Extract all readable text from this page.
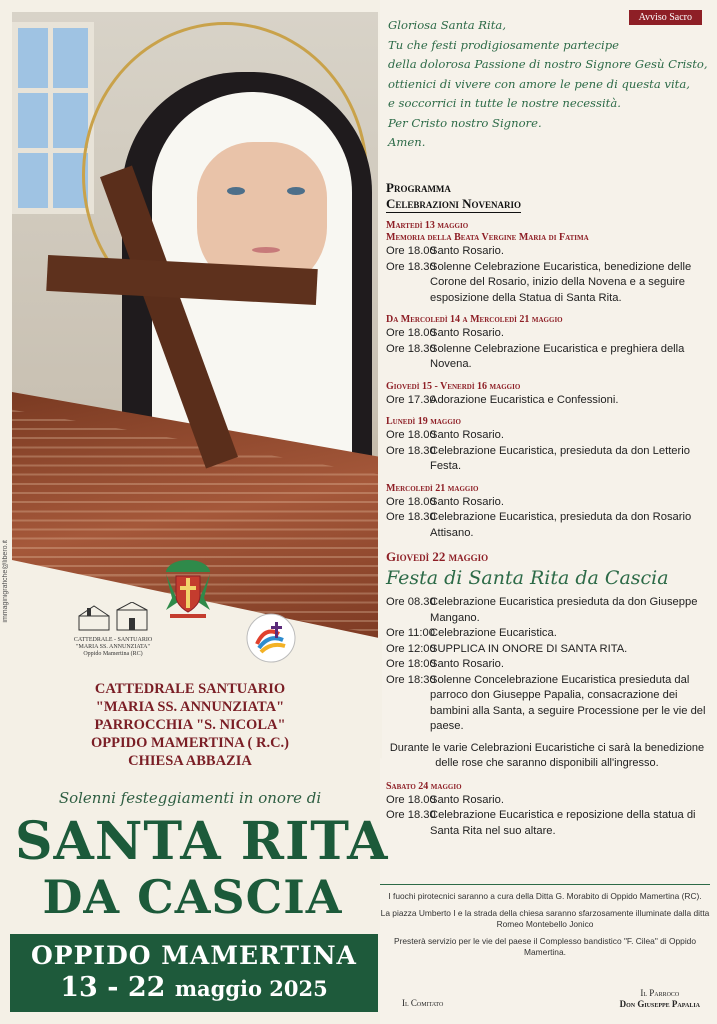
immaginigrafiche@libero.it
CATTEDRALE - SANTUARIO
"MARIA SS. ANNUNZIATA"
Oppido Mamertina (RC)
CATTEDRALE SANTUARIO
"MARIA SS. ANNUNZIATA"
PARROCCHIA "S. NICOLA"
OPPIDO MAMERTINA ( R.C.)
CHIESA ABBAZIA
Solenni festeggiamenti in onore di
SANTA RITA
DA CASCIA
OPPIDO MAMERTINA
13 - 22 maggio 2025
Avviso Sacro
Gloriosa Santa Rita,
Tu che festi prodigiosamente partecipe
della dolorosa Passione di nostro Signore Gesù Cristo,
ottienici di vivere con amore le pene di questa vita,
e soccorrici in tutte le nostre necessità.
Per Cristo nostro Signore.
Amen.
Programma
Celebrazioni Novenario
Martedì 13 maggio
Memoria della Beata Vergine Maria di Fatima
Ore 18.00
Santo Rosario.
Ore 18.30
Solenne Celebrazione Eucaristica, benedizione delle Corone del Rosario, inizio della Novena e a seguire esposizione della Statua di Santa Rita.
Da Mercoledì 14 a Mercoledì 21 maggio
Ore 18.00
Santo Rosario.
Ore 18.30
Solenne Celebrazione Eucaristica e preghiera della Novena.
Giovedì 15 - Venerdì 16 maggio
Ore 17.30
Adorazione Eucaristica e Confessioni.
Lunedì 19 maggio
Ore 18.00
Santo Rosario.
Ore 18.30
Celebrazione Eucaristica, presieduta da don Letterio Festa.
Mercoledì 21 maggio
Ore 18.00
Santo Rosario.
Ore 18.30
Celebrazione Eucaristica, presieduta da don Rosario Attisano.
Giovedì 22 maggio
Festa di Santa Rita da Cascia
Ore 08.30
Celebrazione Eucaristica presieduta da don Giuseppe Mangano.
Ore 11:00
Celebrazione Eucaristica.
Ore 12:00
SUPPLICA IN ONORE DI SANTA RITA.
Ore 18:00
Santo Rosario.
Ore 18:30
Solenne Concelebrazione Eucaristica presieduta dal parroco don Giuseppe Papalia, consacrazione dei bambini alla Santa, a seguire Processione per le vie del paese.
Durante le varie Celebrazioni Eucaristiche ci sarà la benedizione delle rose che saranno disponibili all'ingresso.
Sabato 24 maggio
Ore 18.00
Santo Rosario.
Ore 18.30
Celebrazione Eucaristica e reposizione della statua di Santa Rita nel suo altare.

I fuochi pirotecnici saranno a cura della Ditta G. Morabito di Oppido Mamertina (RC).

La piazza Umberto I e la strada della chiesa saranno sfarzosamente illuminate dalla ditta Romeo Montebello Jonico

Presterà servizio per le vie del paese il Complesso bandistico "F. Cilea" di Oppido Mamertina.

Il Comitato
Il Parroco
Don Giuseppe Papalia
